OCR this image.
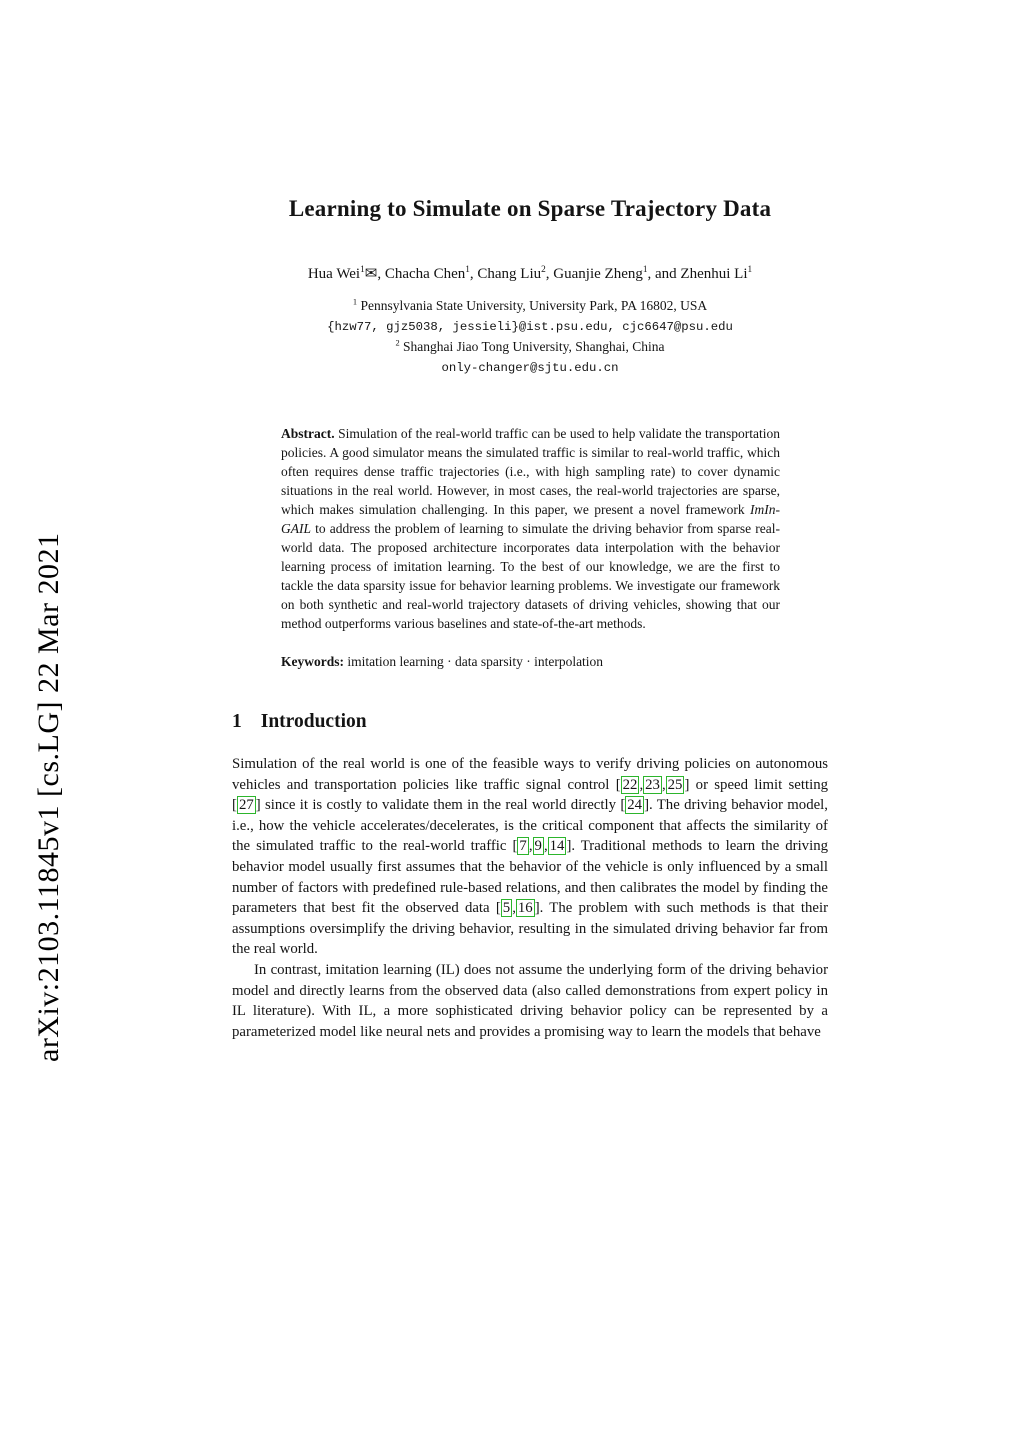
arXiv:2103.11845v1 [cs.LG] 22 Mar 2021
Learning to Simulate on Sparse Trajectory Data
Hua Wei$^1$✉, Chacha Chen$^1$, Chang Liu$^2$, Guanjie Zheng$^1$, and Zhenhui Li$^1$

$^1$ Pennsylvania State University, University Park, PA 16802, USA

{hzw77, gjz5038, jessieli}@ist.psu.edu, cjc6647@psu.edu

$^2$ Shanghai Jiao Tong University, Shanghai, China

only-changer@sjtu.edu.cn

Abstract. Simulation of the real-world traffic can be used to help validate the transportation policies. A good simulator means the simulated traffic is similar to real-world traffic, which often requires dense traffic trajectories (i.e., with high sampling rate) to cover dynamic situations in the real world. However, in most cases, the real-world trajectories are sparse, which makes simulation challenging. In this paper, we present a novel framework ImIn-GAIL to address the problem of learning to simulate the driving behavior from sparse real-world data. The proposed architecture incorporates data interpolation with the behavior learning process of imitation learning. To the best of our knowledge, we are the first to tackle the data sparsity issue for behavior learning problems. We investigate our framework on both synthetic and real-world trajectory datasets of driving vehicles, showing that our method outperforms various baselines and state-of-the-art methods.

Keywords: imitation learning · data sparsity · interpolation

1 Introduction

Simulation of the real world is one of the feasible ways to verify driving policies on autonomous vehicles and transportation policies like traffic signal control [ 22 , 23 , 25 ] or speed limit setting [ 27 ] since it is costly to validate them in the real world directly [ 24 ]. The driving behavior model, i.e., how the vehicle accelerates/decelerates, is the critical component that affects the similarity of the simulated traffic to the real-world traffic [ 7 , 9 , 14 ]. Traditional methods to learn the driving behavior model usually first assumes that the behavior of the vehicle is only influenced by a small number of factors with predefined rule-based relations, and then calibrates the model by finding the parameters that best fit the observed data [ 5 , 16 ]. The problem with such methods is that their assumptions oversimplify the driving behavior, resulting in the simulated driving behavior far from the real world.

In contrast, imitation learning (IL) does not assume the underlying form of the driving behavior model and directly learns from the observed data (also called demonstrations from expert policy in IL literature). With IL, a more sophisticated driving behavior policy can be represented by a parameterized model like neural nets and provides a promising way to learn the models that behave
